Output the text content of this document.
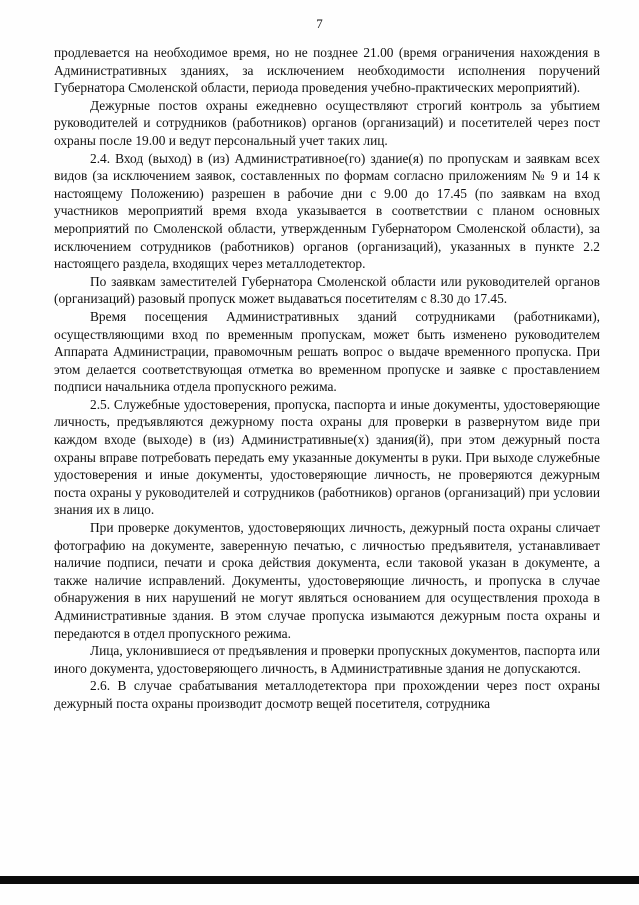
7

продлевается на необходимое время, но не позднее 21.00 (время ограничения нахождения в Административных зданиях, за исключением необходимости исполнения поручений Губернатора Смоленской области, периода проведения учебно-практических мероприятий).

Дежурные постов охраны ежедневно осуществляют строгий контроль за убытием руководителей и сотрудников (работников) органов (организаций) и посетителей через пост охраны после 19.00 и ведут персональный учет таких лиц.

2.4. Вход (выход) в (из) Административное(го) здание(я) по пропускам и заявкам всех видов (за исключением заявок, составленных по формам согласно приложениям № 9 и 14 к настоящему Положению) разрешен в рабочие дни с 9.00 до 17.45 (по заявкам на вход участников мероприятий время входа указывается в соответствии с планом основных мероприятий по Смоленской области, утвержденным Губернатором Смоленской области), за исключением сотрудников (работников) органов (организаций), указанных в пункте 2.2 настоящего раздела, входящих через металлодетектор.

По заявкам заместителей Губернатора Смоленской области или руководителей органов (организаций) разовый пропуск может выдаваться посетителям с 8.30 до 17.45.

Время посещения Административных зданий сотрудниками (работниками), осуществляющими вход по временным пропускам, может быть изменено руководителем Аппарата Администрации, правомочным решать вопрос о выдаче временного пропуска. При этом делается соответствующая отметка во временном пропуске и заявке с проставлением подписи начальника отдела пропускного режима.

2.5. Служебные удостоверения, пропуска, паспорта и иные документы, удостоверяющие личность, предъявляются дежурному поста охраны для проверки в развернутом виде при каждом входе (выходе) в (из) Административные(х) здания(й), при этом дежурный поста охраны вправе потребовать передать ему указанные документы в руки. При выходе служебные удостоверения и иные документы, удостоверяющие личность, не проверяются дежурным поста охраны у руководителей и сотрудников (работников) органов (организаций) при условии знания их в лицо.

При проверке документов, удостоверяющих личность, дежурный поста охраны сличает фотографию на документе, заверенную печатью, с личностью предъявителя, устанавливает наличие подписи, печати и срока действия документа, если таковой указан в документе, а также наличие исправлений. Документы, удостоверяющие личность, и пропуска в случае обнаружения в них нарушений не могут являться основанием для осуществления прохода в Административные здания. В этом случае пропуска изымаются дежурным поста охраны и передаются в отдел пропускного режима.

Лица, уклонившиеся от предъявления и проверки пропускных документов, паспорта или иного документа, удостоверяющего личность, в Административные здания не допускаются.

2.6. В случае срабатывания металлодетектора при прохождении через пост охраны дежурный поста охраны производит досмотр вещей посетителя, сотрудника
